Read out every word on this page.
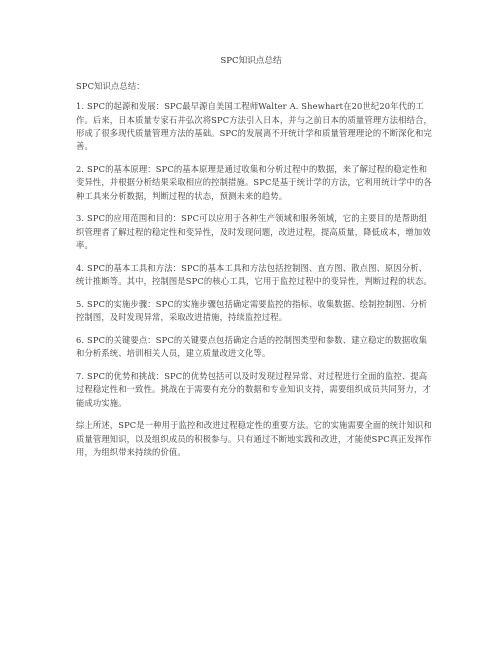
SPC知识点总结

SPC知识点总结：

1. SPC的起源和发展：SPC最早源自美国工程师Walter A. Shewhart在20世纪20年代的工作。后来，日本质量专家石井弘次将SPC方法引入日本，并与之前日本的质量管理方法相结合，形成了很多现代质量管理方法的基础。SPC的发展离不开统计学和质量管理理论的不断深化和完善。

2. SPC的基本原理：SPC的基本原理是通过收集和分析过程中的数据，来了解过程的稳定性和变异性，并根据分析结果采取相应的控制措施。SPC是基于统计学的方法，它利用统计学中的各种工具来分析数据，判断过程的状态，预测未来的趋势。

3. SPC的应用范围和目的：SPC可以应用于各种生产领域和服务领域，它的主要目的是帮助组织管理者了解过程的稳定性和变异性，及时发现问题，改进过程，提高质量，降低成本，增加效率。

4. SPC的基本工具和方法：SPC的基本工具和方法包括控制图、直方图、散点图、原因分析、统计推断等。其中，控制图是SPC的核心工具，它用于监控过程中的变异性，判断过程的状态。

5. SPC的实施步骤：SPC的实施步骤包括确定需要监控的指标、收集数据、绘制控制图、分析控制图，及时发现异常，采取改进措施，持续监控过程。

6. SPC的关键要点：SPC的关键要点包括确定合适的控制图类型和参数、建立稳定的数据收集和分析系统、培训相关人员，建立质量改进文化等。

7. SPC的优势和挑战：SPC的优势包括可以及时发现过程异常、对过程进行全面的监控、提高过程稳定性和一致性。挑战在于需要有充分的数据和专业知识支持，需要组织成员共同努力，才能成功实施。

综上所述，SPC是一种用于监控和改进过程稳定性的重要方法。它的实施需要全面的统计知识和质量管理知识，以及组织成员的积极参与。只有通过不断地实践和改进，才能使SPC真正发挥作用，为组织带来持续的价值。
